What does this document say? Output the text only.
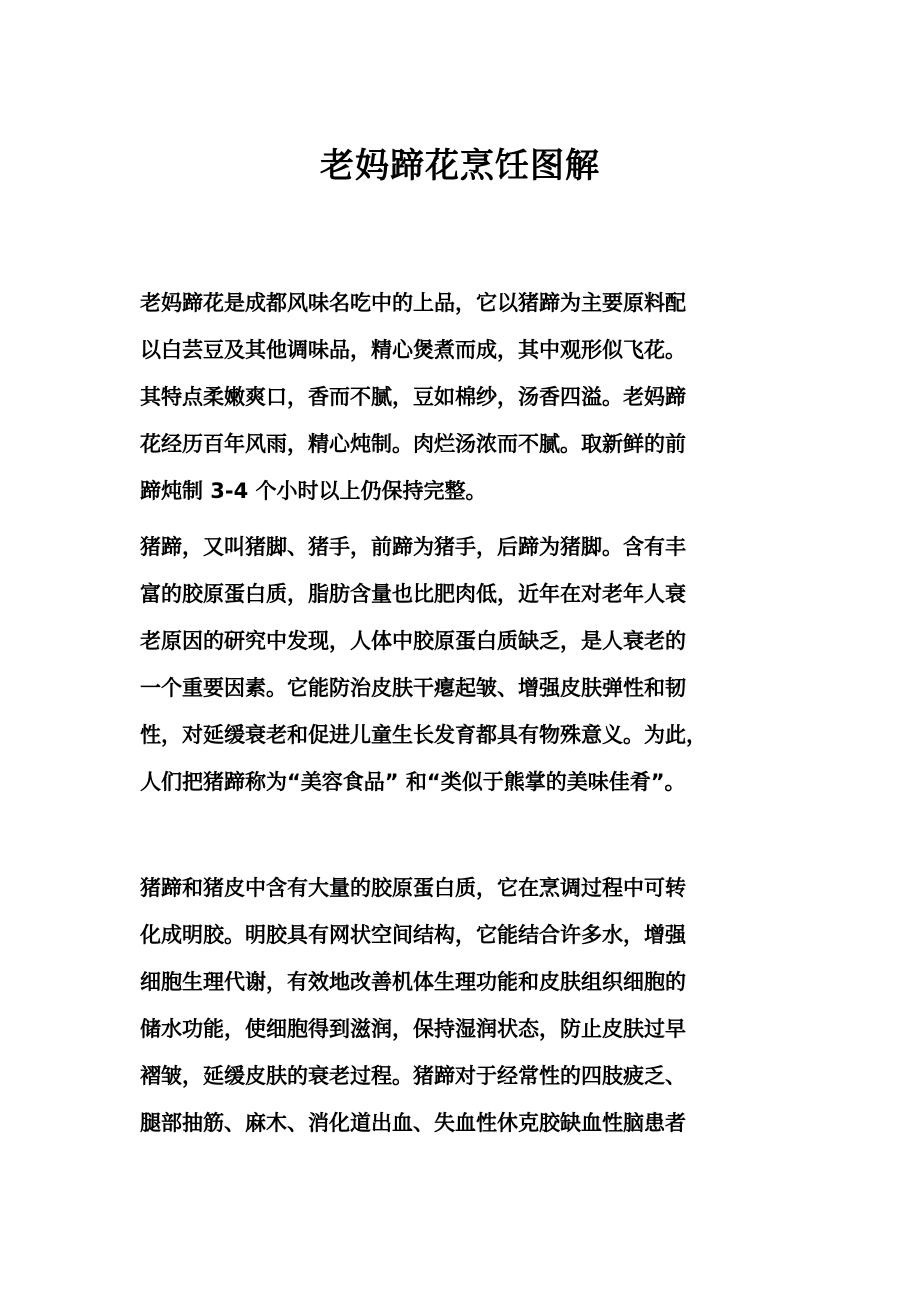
老妈蹄花烹饪图解
老妈蹄花是成都风味名吃中的上品，它以猪蹄为主要原料配
以白芸豆及其他调味品，精心煲煮而成，其中观形似飞花。
其特点柔嫩爽口，香而不腻，豆如棉纱，汤香四溢。老妈蹄
花经历百年风雨，精心炖制。肉烂汤浓而不腻。取新鲜的前
蹄炖制 3-4 个小时以上仍保持完整。
猪蹄，又叫猪脚、猪手，前蹄为猪手，后蹄为猪脚。含有丰
富的胶原蛋白质，脂肪含量也比肥肉低，近年在对老年人衰
老原因的研究中发现，人体中胶原蛋白质缺乏，是人衰老的
一个重要因素。它能防治皮肤干瘪起皱、增强皮肤弹性和韧
性，对延缓衰老和促进儿童生长发育都具有物殊意义。为此，
人们把猪蹄称为“美容食品” 和“类似于熊掌的美味佳肴”。
猪蹄和猪皮中含有大量的胶原蛋白质，它在烹调过程中可转
化成明胶。明胶具有网状空间结构，它能结合许多水，增强
细胞生理代谢，有效地改善机体生理功能和皮肤组织细胞的
储水功能，使细胞得到滋润，保持湿润状态，防止皮肤过早
褶皱，延缓皮肤的衰老过程。猪蹄对于经常性的四肢疲乏、
腿部抽筋、麻木、消化道出血、失血性休克胶缺血性脑患者
